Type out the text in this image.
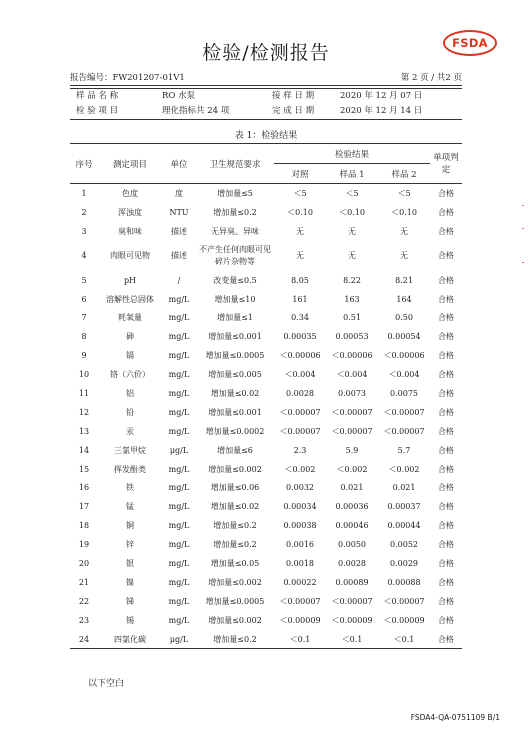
检验/检测报告	FSDA
报告编号：FW201207-01V1	第 2 页 / 共2 页
样 品 名 称	RO 水泵	接 样 日 期	2020 年 12 月 07 日
检 验 项 目	理化指标共 24 项	完 成 日 期	2020 年 12 月 14 日
表 1：检验结果
序号	测定项目	单位	卫生规范要求	检验结果			单项判定
				对照	样品 1	样品 2	
1	色度	度	增加量≤5	＜5	＜5	＜5	合格
2	浑浊度	NTU	增加量≤0.2	＜0.10	＜0.10	＜0.10	合格
3	臭和味	描述	无异臭、异味	无	无	无	合格
4	肉眼可见物	描述	不产生任何肉眼可见碎片杂物等	无	无	无	合格
5	pH	/	改变量≤0.5	8.05	8.22	8.21	合格
6	溶解性总固体	mg/L	增加量≤10	161	163	164	合格
7	耗氧量	mg/L	增加量≤1	0.34	0.51	0.50	合格
8	砷	mg/L	增加量≤0.001	0.00035	0.00053	0.00054	合格
9	镉	mg/L	增加量≤0.0005	＜0.00006	＜0.00006	＜0.00006	合格
10	铬（六价）	mg/L	增加量≤0.005	＜0.004	＜0.004	＜0.004	合格
11	铝	mg/L	增加量≤0.02	0.0028	0.0073	0.0075	合格
12	铅	mg/L	增加量≤0.001	＜0.00007	＜0.00007	＜0.00007	合格
13	汞	mg/L	增加量≤0.0002	＜0.00007	＜0.00007	＜0.00007	合格
14	三氯甲烷	μg/L	增加量≤6	2.3	5.9	5.7	合格
15	挥发酚类	mg/L	增加量≤0.002	＜0.002	＜0.002	＜0.002	合格
16	铁	mg/L	增加量≤0.06	0.0032	0.021	0.021	合格
17	锰	mg/L	增加量≤0.02	0.00034	0.00036	0.00037	合格
18	铜	mg/L	增加量≤0.2	0.00038	0.00046	0.00044	合格
19	锌	mg/L	增加量≤0.2	0.0016	0.0050	0.0052	合格
20	银	mg/L	增加量≤0.05	0.0018	0.0028	0.0029	合格
21	镍	mg/L	增加量≤0.002	0.00022	0.00089	0.00088	合格
22	锑	mg/L	增加量≤0.0005	＜0.00007	＜0.00007	＜0.00007	合格
23	锡	mg/L	增加量≤0.002	＜0.00009	＜0.00009	＜0.00009	合格
24	四氯化碳	μg/L	增加量≤0.2	＜0.1	＜0.1	＜0.1	合格
以下空白
FSDA4-QA-0751109 B/1
